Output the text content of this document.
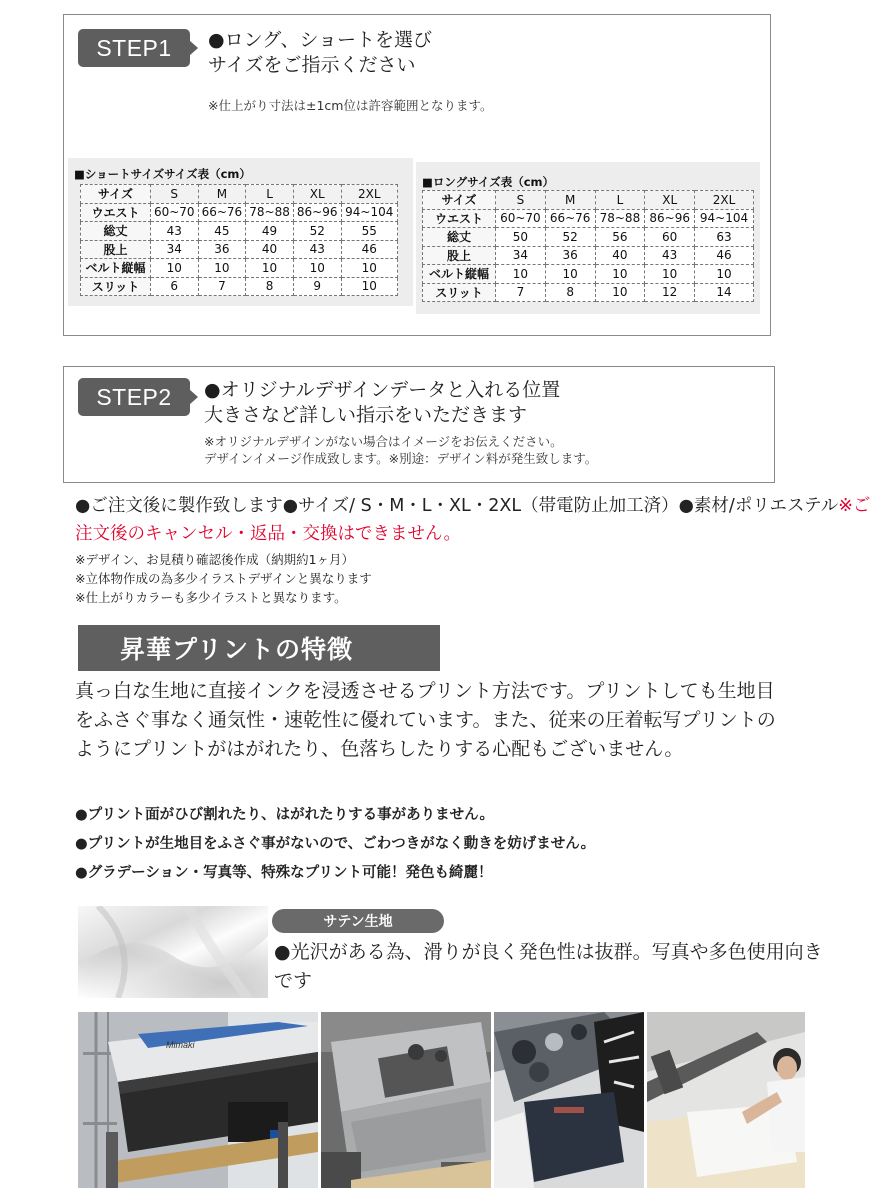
STEP1	●ロング、ショートを選び
サイズをご指示ください
※仕上がり寸法は±1cm位は許容範囲となります。
■ショートサイズサイズ表（cm）
サイズ	S	M	L	XL	2XL
ウエスト	60~70	66~76	78~88	86~96	94~104
総丈	43	45	49	52	55
股上	34	36	40	43	46
ベルト縦幅	10	10	10	10	10
スリット	6	7	8	9	10
■ロングサイズ表（cm）
サイズ	S	M	L	XL	2XL
ウエスト	60~70	66~76	78~88	86~96	94~104
総丈	50	52	56	60	63
股上	34	36	40	43	46
ベルト縦幅	10	10	10	10	10
スリット	7	8	10	12	14
STEP2	●オリジナルデザインデータと入れる位置
大きさなど詳しい指示をいただきます
※オリジナルデザインがない場合はイメージをお伝えください。
デザインイメージ作成致します。※別途：デザイン料が発生致します。
●ご注文後に製作致します●サイズ/ S・M・L・XL・2XL（帯電防止加工済）●素材/ポリエステル※ご注文後のキャンセル・返品・交換はできません。
※デザイン、お見積り確認後作成（納期約1ヶ月）
※立体物作成の為多少イラストデザインと異なります
※仕上がりカラーも多少イラストと異なります。
昇華プリントの特徴
真っ白な生地に直接インクを浸透させるプリント方法です。プリントしても生地目をふさぐ事なく通気性・速乾性に優れています。また、従来の圧着転写プリントのようにプリントがはがれたり、色落ちしたりする心配もございません。
●プリント面がひび割れたり、はがれたりする事がありません。
●プリントが生地目をふさぐ事がないので、ごわつきがなく動きを妨げません。
●グラデーション・写真等、特殊なプリント可能！発色も綺麗！
サテン生地
●光沢がある為、滑りが良く発色性は抜群。写真や多色使用向きです
Mimaki
